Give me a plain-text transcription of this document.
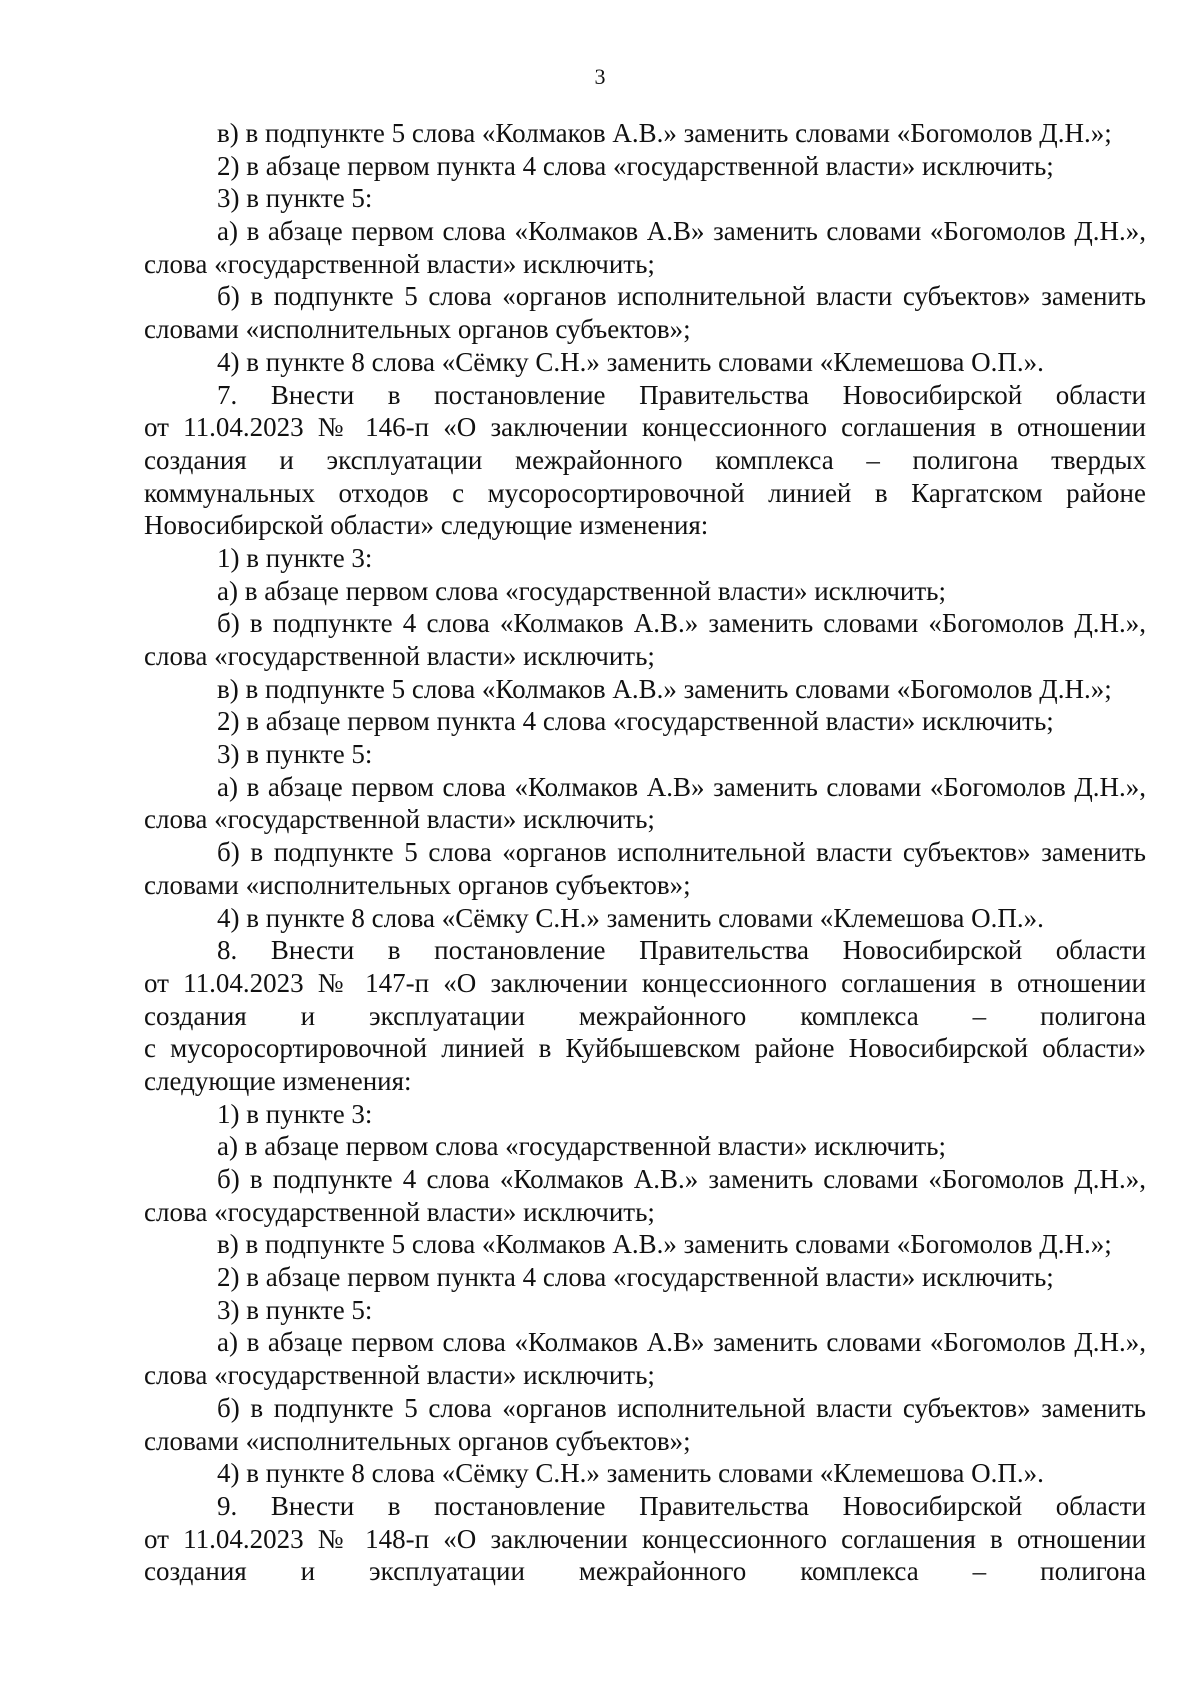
3
в) в подпункте 5 слова «Колмаков А.В.» заменить словами «Богомолов Д.Н.»;
2) в абзаце первом пункта 4 слова «государственной власти» исключить;
3) в пункте 5:
а) в абзаце первом слова «Колмаков А.В» заменить словами «Богомолов Д.Н.»,
слова «государственной власти» исключить;
б) в подпункте 5 слова «органов исполнительной власти субъектов» заменить
словами «исполнительных органов субъектов»;
4) в пункте 8 слова «Сёмку С.Н.» заменить словами «Клемешова О.П.».
7. Внести в постановление Правительства Новосибирской области
от 11.04.2023 № 146-п «О заключении концессионного соглашения в отношении
создания и эксплуатации межрайонного комплекса – полигона твердых
коммунальных отходов с мусоросортировочной линией в Каргатском районе
Новосибирской области» следующие изменения:
1) в пункте 3:
а) в абзаце первом слова «государственной власти» исключить;
б) в подпункте 4 слова «Колмаков А.В.» заменить словами «Богомолов Д.Н.»,
слова «государственной власти» исключить;
в) в подпункте 5 слова «Колмаков А.В.» заменить словами «Богомолов Д.Н.»;
2) в абзаце первом пункта 4 слова «государственной власти» исключить;
3) в пункте 5:
а) в абзаце первом слова «Колмаков А.В» заменить словами «Богомолов Д.Н.»,
слова «государственной власти» исключить;
б) в подпункте 5 слова «органов исполнительной власти субъектов» заменить
словами «исполнительных органов субъектов»;
4) в пункте 8 слова «Сёмку С.Н.» заменить словами «Клемешова О.П.».
8. Внести в постановление Правительства Новосибирской области
от 11.04.2023 № 147-п «О заключении концессионного соглашения в отношении
создания и эксплуатации межрайонного комплекса – полигона
с мусоросортировочной линией в Куйбышевском районе Новосибирской области»
следующие изменения:
1) в пункте 3:
а) в абзаце первом слова «государственной власти» исключить;
б) в подпункте 4 слова «Колмаков А.В.» заменить словами «Богомолов Д.Н.»,
слова «государственной власти» исключить;
в) в подпункте 5 слова «Колмаков А.В.» заменить словами «Богомолов Д.Н.»;
2) в абзаце первом пункта 4 слова «государственной власти» исключить;
3) в пункте 5:
а) в абзаце первом слова «Колмаков А.В» заменить словами «Богомолов Д.Н.»,
слова «государственной власти» исключить;
б) в подпункте 5 слова «органов исполнительной власти субъектов» заменить
словами «исполнительных органов субъектов»;
4) в пункте 8 слова «Сёмку С.Н.» заменить словами «Клемешова О.П.».
9. Внести в постановление Правительства Новосибирской области
от 11.04.2023 № 148-п «О заключении концессионного соглашения в отношении
создания и эксплуатации межрайонного комплекса – полигона
